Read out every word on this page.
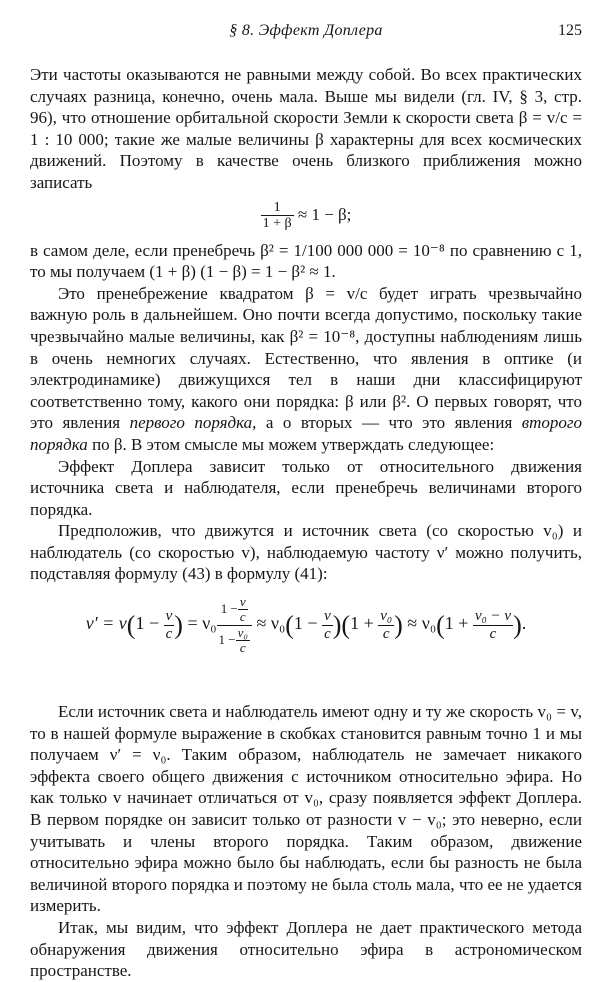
§ 8. Эффект Доплера	125

Эти частоты оказываются не равными между собой. Во всех практических случаях разница, конечно, очень мала. Выше мы видели (гл. IV, § 3, стр. 96), что отношение орбитальной скорости Земли к скорости света β = v/c = 1 : 10 000; такие же малые величины β характерны для всех космических движений. Поэтому в качестве очень близкого приближения можно записать

$\frac{1}{1 + \beta} \approx 1 - \beta$;

в самом деле, если пренебречь β² = 1/100 000 000 = 10⁻⁸ по сравнению с 1, то мы получаем (1 + β) (1 − β) = 1 − β² ≈ 1.

Это пренебрежение квадратом β = v/c будет играть чрезвычайно важную роль в дальнейшем. Оно почти всегда допустимо, поскольку такие чрезвычайно малые величины, как β² = 10⁻⁸, доступны наблюдениям лишь в очень немногих случаях. Естественно, что явления в оптике (и электродинамике) движущихся тел в наши дни классифицируют соответственно тому, какого они порядка: β или β². О первых говорят, что это явления первого порядка, а о вторых — что это явления второго порядка по β. В этом смысле мы можем утверждать следующее:

Эффект Доплера зависит только от относительного движения источника света и наблюдателя, если пренебречь величинами второго порядка.

Предположив, что движутся и источник света (со скоростью v₀) и наблюдатель (со скоростью v), наблюдаемую частоту ν′ можно получить, подставляя формулу (43) в формулу (41):

$\nu' = \nu(1 - \frac{v}{c}$ ) = $\nu_0 \frac{1 - \frac{v}{c}}{1 - \frac{\text{v₀}}{c}} \approx \nu_0(1 - \frac{v}{c} )(1 + \frac{\text{v₀}}{c}$ ) ≈ $\nu_0(1 + \frac{\text{v₀ − v}}{c}$ ).

Если источник света и наблюдатель имеют одну и ту же скорость v₀ = v, то в нашей формуле выражение в скобках становится равным точно 1 и мы получаем ν′ = ν₀. Таким образом, наблюдатель не замечает никакого эффекта своего общего движения с источником относительно эфира. Но как только v начинает отличаться от v₀, сразу появляется эффект Доплера. В первом порядке он зависит только от разности v − v₀; это неверно, если учитывать и члены второго порядка. Таким образом, движение относительно эфира можно было бы наблюдать, если бы разность не была величиной второго порядка и поэтому не была столь мала, что ее не удается измерить.

Итак, мы видим, что эффект Доплера не дает практического метода обнаружения движения относительно эфира в астрономическом пространстве.
